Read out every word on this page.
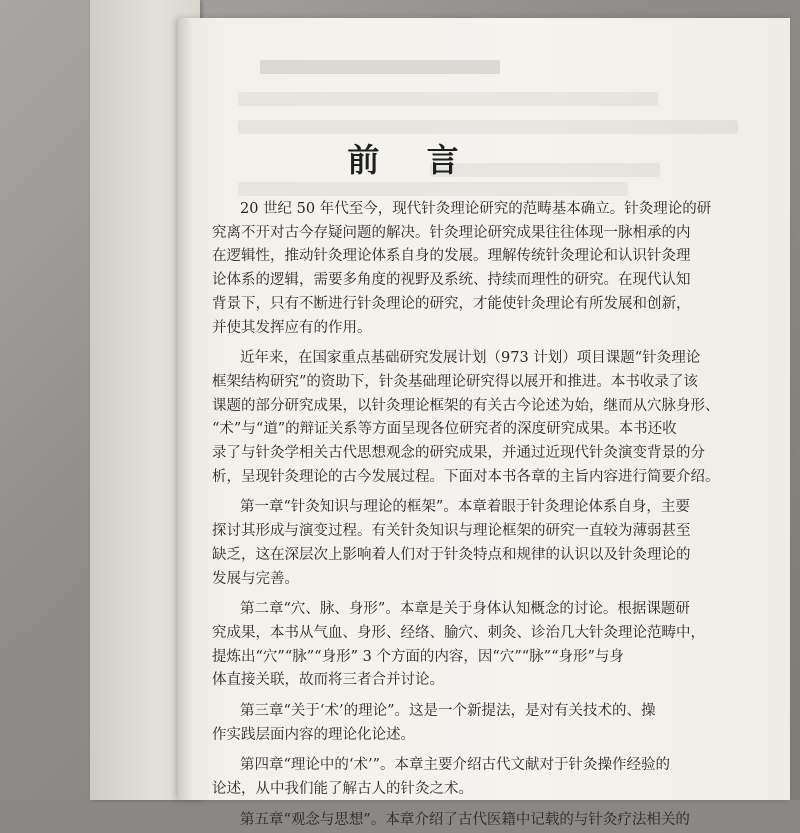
前 言
20 世纪 50 年代至今，现代针灸理论研究的范畴基本确立。针灸理论的研
究离不开对古今存疑问题的解决。针灸理论研究成果往往体现一脉相承的内
在逻辑性，推动针灸理论体系自身的发展。理解传统针灸理论和认识针灸理
论体系的逻辑，需要多角度的视野及系统、持续而理性的研究。在现代认知
背景下，只有不断进行针灸理论的研究，才能使针灸理论有所发展和创新，
并使其发挥应有的作用。
近年来，在国家重点基础研究发展计划（973 计划）项目课题“针灸理论
框架结构研究”的资助下，针灸基础理论研究得以展开和推进。本书收录了该
课题的部分研究成果，以针灸理论框架的有关古今论述为始，继而从穴脉身形、
“术”与“道”的辩证关系等方面呈现各位研究者的深度研究成果。本书还收
录了与针灸学相关古代思想观念的研究成果，并通过近现代针灸演变背景的分
析，呈现针灸理论的古今发展过程。下面对本书各章的主旨内容进行简要介绍。
第一章“针灸知识与理论的框架”。本章着眼于针灸理论体系自身，主要
探讨其形成与演变过程。有关针灸知识与理论框架的研究一直较为薄弱甚至
缺乏，这在深层次上影响着人们对于针灸特点和规律的认识以及针灸理论的
发展与完善。
第二章“穴、脉、身形”。本章是关于身体认知概念的讨论。根据课题研
究成果，本书从气血、身形、经络、腧穴、刺灸、诊治几大针灸理论范畴中，
提炼出“穴”“脉”“身形” 3 个方面的内容，因“穴”“脉”“身形”与身
体直接关联，故而将三者合并讨论。
第三章“关于‘术’的理论”。这是一个新提法，是对有关技术的、操
作实践层面内容的理论化论述。
第四章“理论中的‘术’”。本章主要介绍古代文献对于针灸操作经验的
论述，从中我们能了解古人的针灸之术。
第五章“观念与思想”。本章介绍了古代医籍中记载的与针灸疗法相关的
